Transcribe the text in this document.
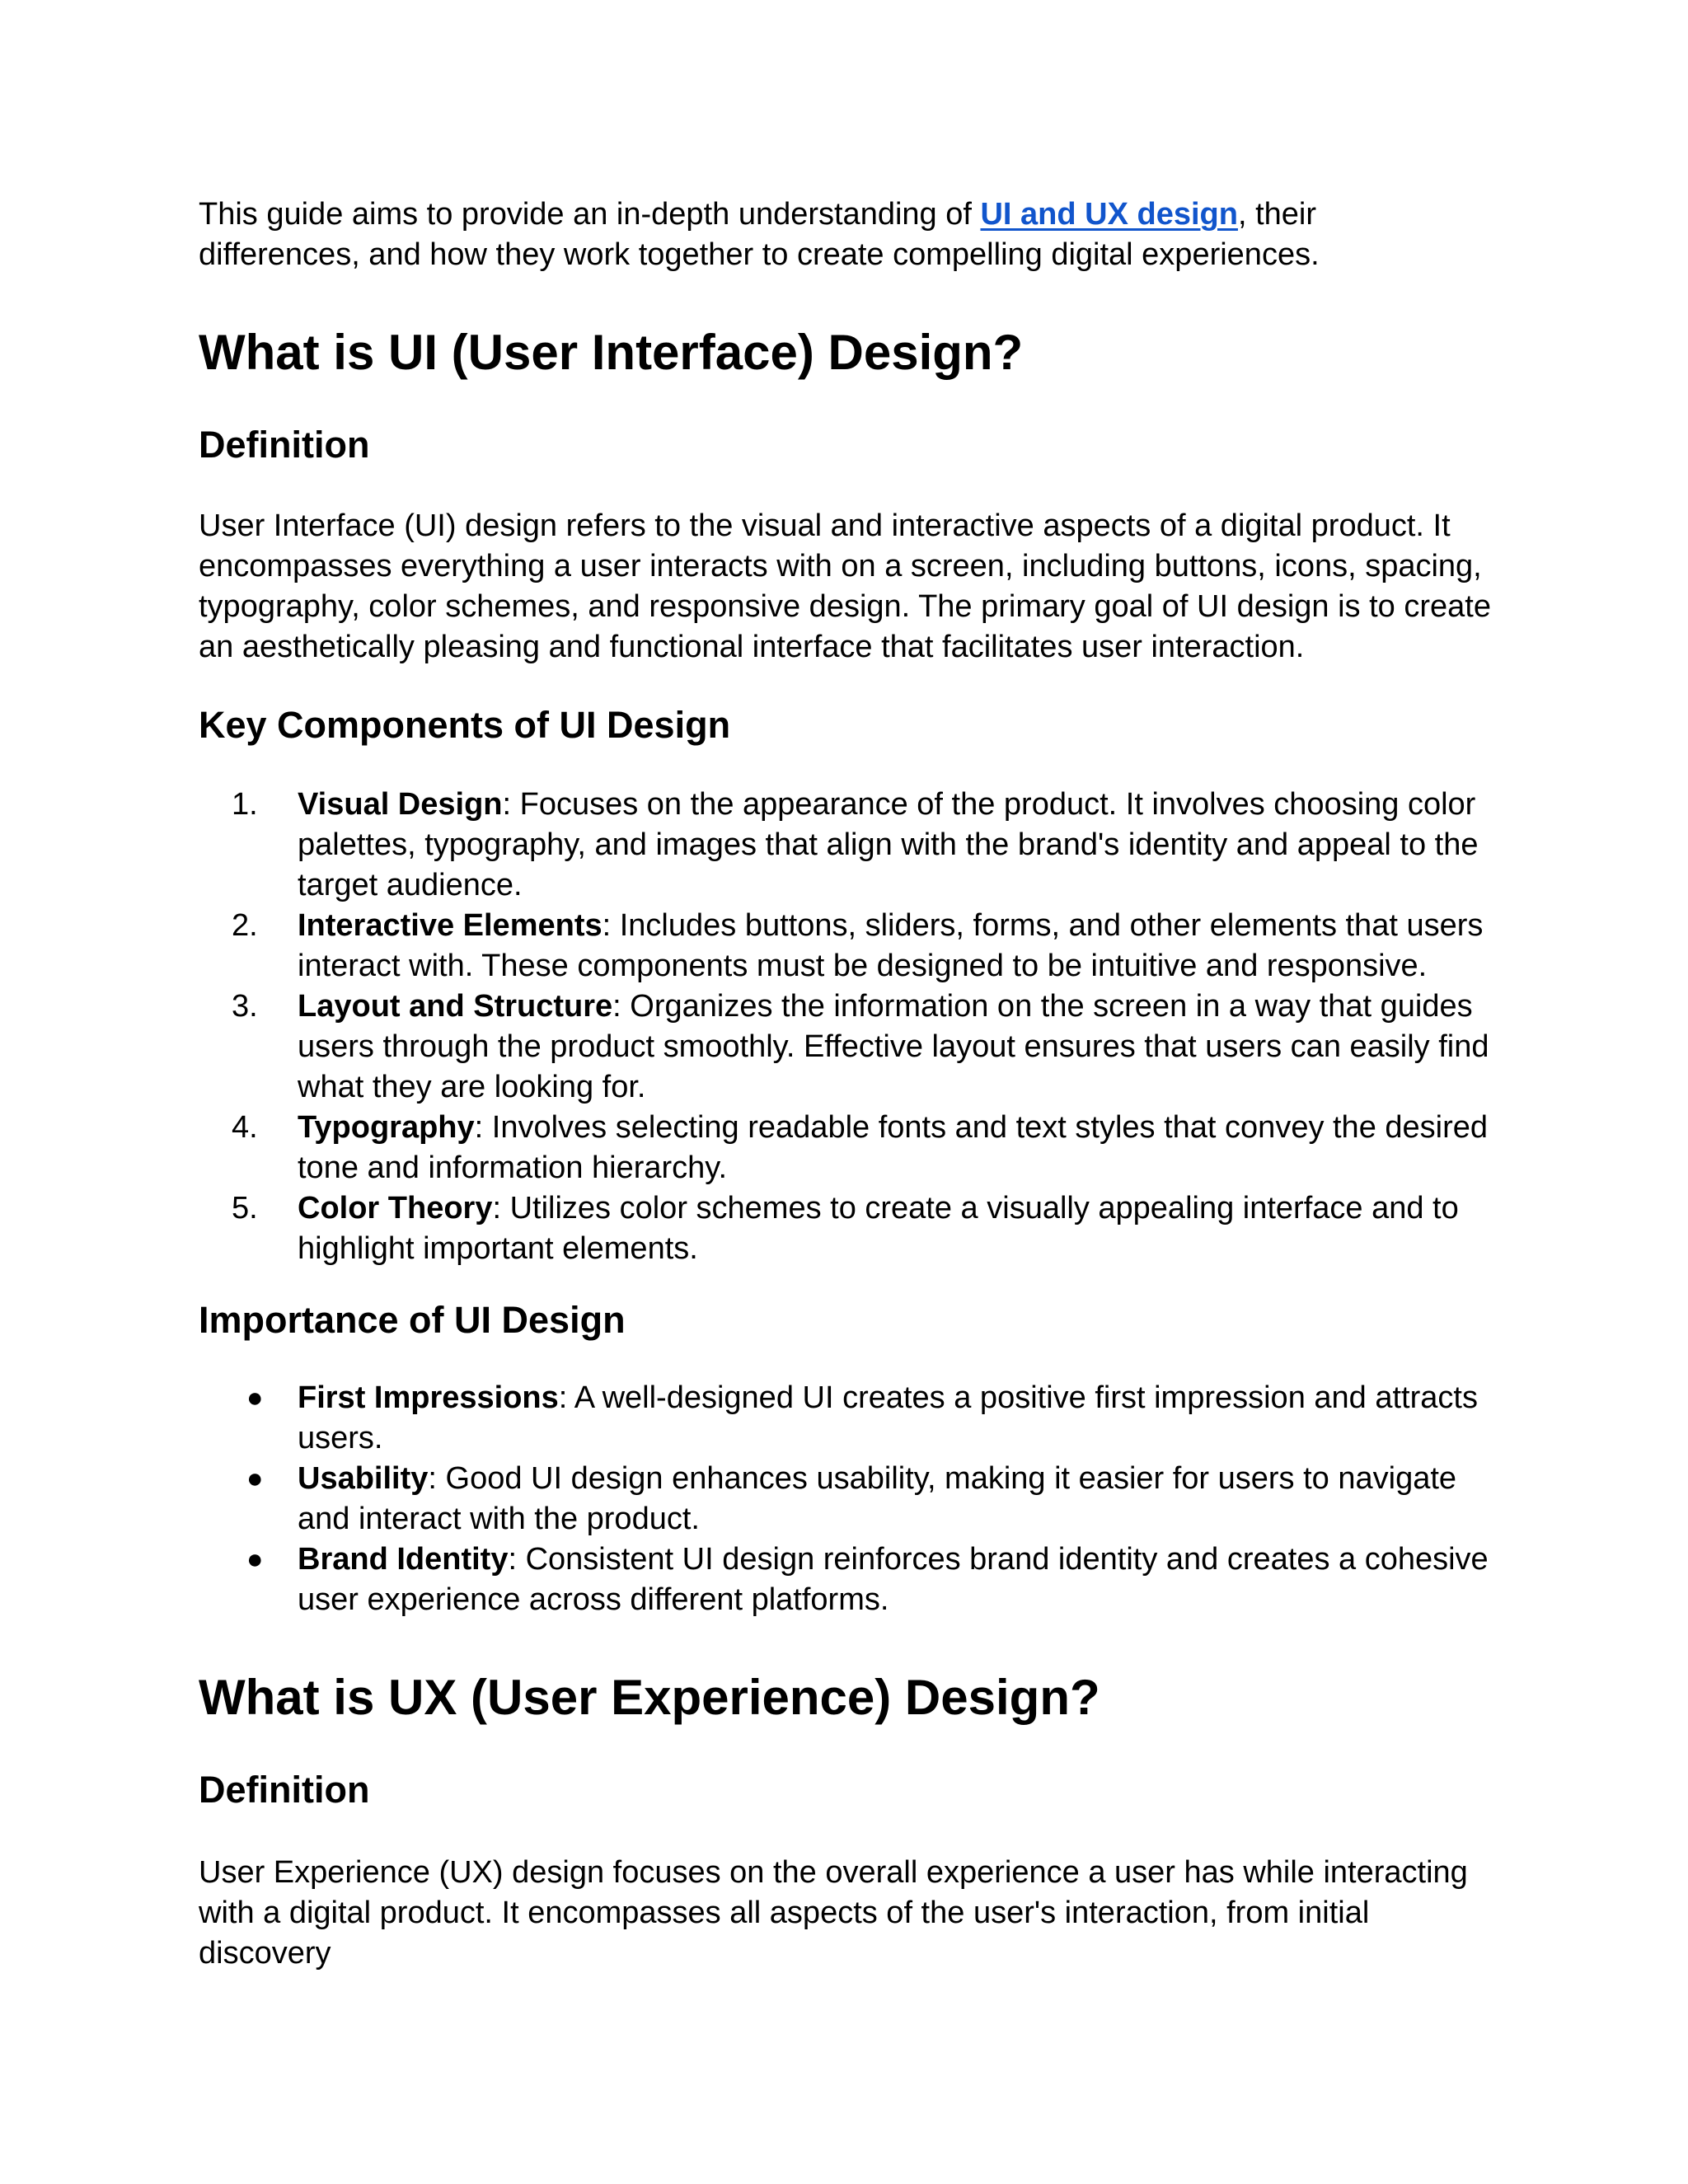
This guide aims to provide an in-depth understanding of UI and UX design, their differences, and how they work together to create compelling digital experiences.

What is UI (User Interface) Design?
Definition

User Interface (UI) design refers to the visual and interactive aspects of a digital product. It encompasses everything a user interacts with on a screen, including buttons, icons, spacing, typography, color schemes, and responsive design. The primary goal of UI design is to create an aesthetically pleasing and functional interface that facilitates user interaction.

Key Components of UI Design
1.	Visual Design: Focuses on the appearance of the product. It involves choosing color palettes, typography, and images that align with the brand's identity and appeal to the target audience.
2.	Interactive Elements: Includes buttons, sliders, forms, and other elements that users interact with. These components must be designed to be intuitive and responsive.
3.	Layout and Structure: Organizes the information on the screen in a way that guides users through the product smoothly. Effective layout ensures that users can easily find what they are looking for.
4.	Typography: Involves selecting readable fonts and text styles that convey the desired tone and information hierarchy.
5.	Color Theory: Utilizes color schemes to create a visually appealing interface and to highlight important elements.
Importance of UI Design
●	First Impressions: A well-designed UI creates a positive first impression and attracts users.
●	Usability: Good UI design enhances usability, making it easier for users to navigate and interact with the product.
●	Brand Identity: Consistent UI design reinforces brand identity and creates a cohesive user experience across different platforms.
What is UX (User Experience) Design?
Definition

User Experience (UX) design focuses on the overall experience a user has while interacting with a digital product. It encompasses all aspects of the user's interaction, from initial discovery
